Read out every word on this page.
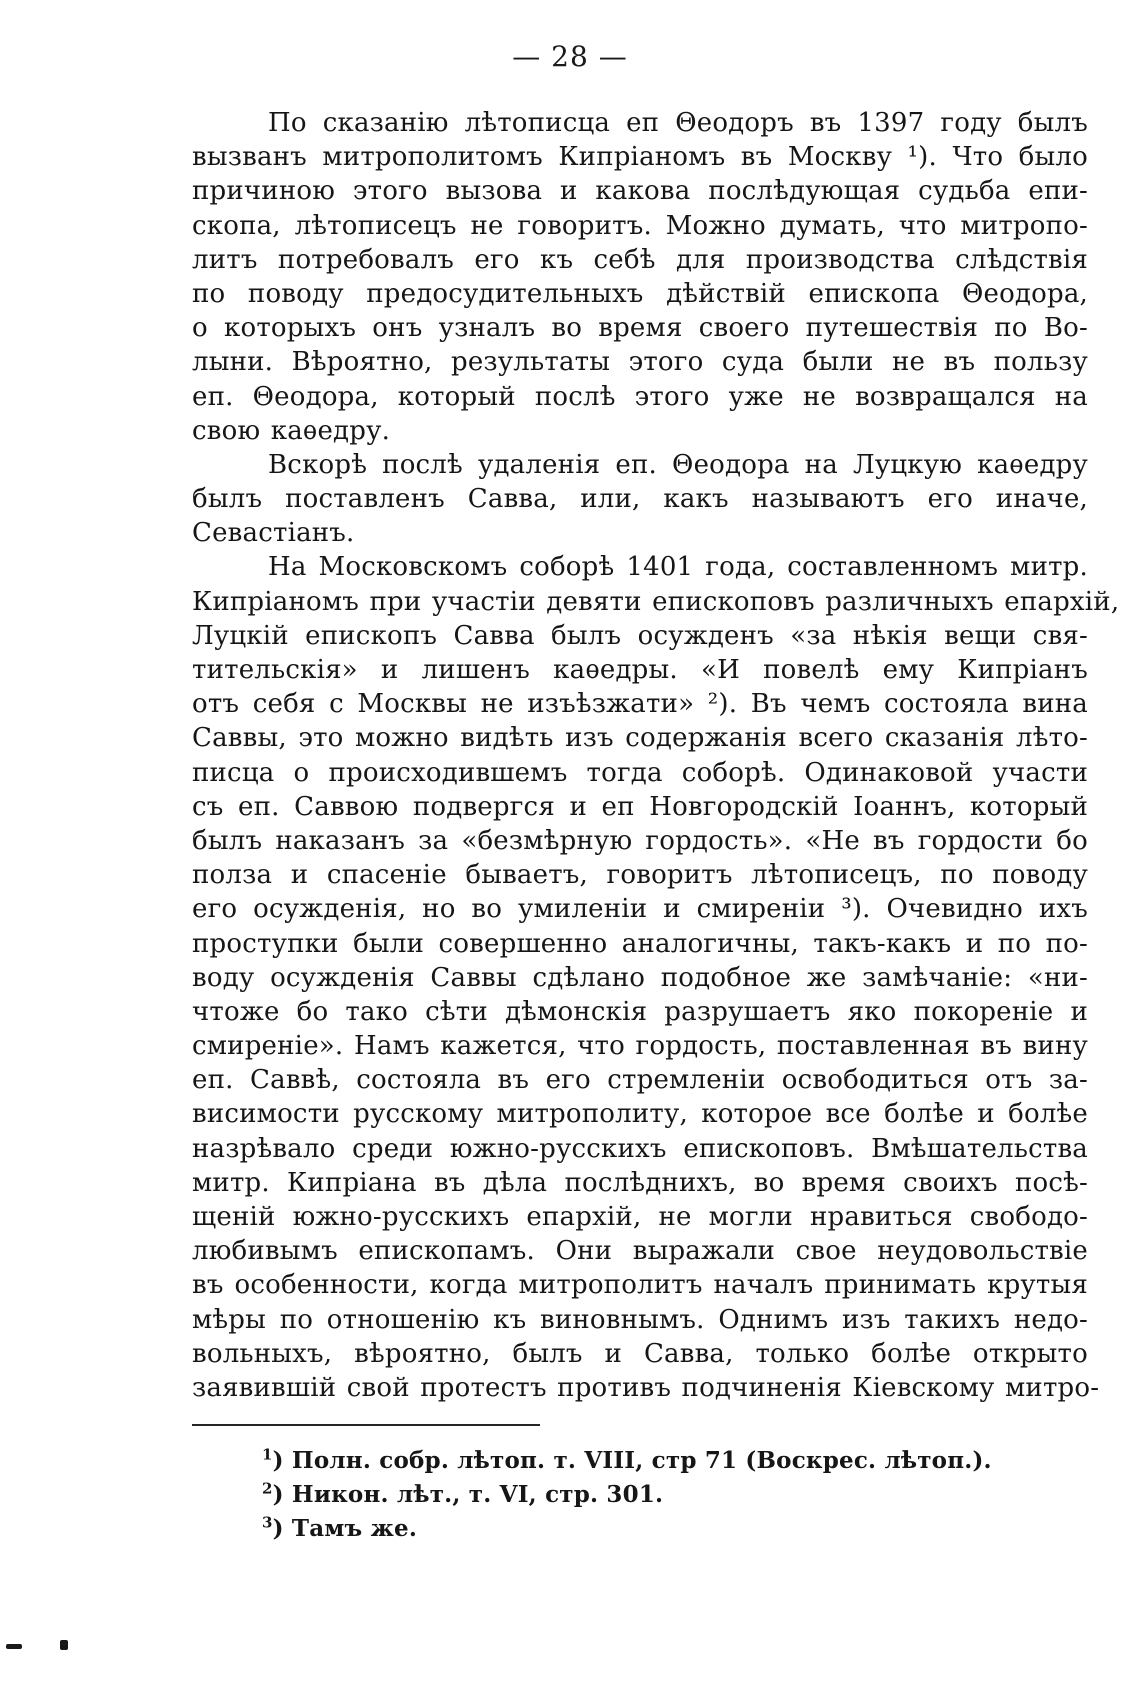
— 28 —
По сказанію лѣтописца еп Θеодоръ въ 1397 году былъ
вызванъ митрополитомъ Кипріаномъ въ Москву ¹). Что было
причиною этого вызова и какова послѣдующая судьба епи-
скопа, лѣтописецъ не говоритъ. Можно думать, что митропо-
литъ потребовалъ его къ себѣ для производства слѣдствія
по поводу предосудительныхъ дѣйствій епископа Θеодора,
о которыхъ онъ узналъ во время своего путешествія по Во-
лыни. Вѣроятно, результаты этого суда были не въ пользу
еп. Θеодора, который послѣ этого уже не возвращался на
свою каѳедру.
Вскорѣ послѣ удаленія еп. Θеодора на Луцкую каѳедру
былъ поставленъ Савва, или, какъ называютъ его иначе,
Севастіанъ.
На Московскомъ соборѣ 1401 года, составленномъ митр.
Кипріаномъ при участіи девяти епископовъ различныхъ епархій,
Луцкій епископъ Савва былъ осужденъ «за нѣкія вещи свя-
тительскія» и лишенъ каѳедры. «И повелѣ ему Кипріанъ
отъ себя с Москвы не изъѣзжати» ²). Въ чемъ состояла вина
Саввы, это можно видѣть изъ содержанія всего сказанія лѣто-
писца о происходившемъ тогда соборѣ. Одинаковой участи
съ еп. Саввою подвергся и еп Новгородскій Іоаннъ, который
былъ наказанъ за «безмѣрную гордость». «Не въ гордости бо
полза и спасеніе бываетъ, говоритъ лѣтописецъ, по поводу
его осужденія, но во умиленіи и смиреніи ³). Очевидно ихъ
проступки были совершенно аналогичны, такъ-какъ и по по-
воду осужденія Саввы сдѣлано подобное же замѣчаніе: «ни-
чтоже бо тако сѣти дѣмонскія разрушаетъ яко покореніе и
смиреніе». Намъ кажется, что гордость, поставленная въ вину
еп. Саввѣ, состояла въ его стремленіи освободиться отъ за-
висимости русскому митрополиту, которое все болѣе и болѣе
назрѣвало среди южно-русскихъ епископовъ. Вмѣшательства
митр. Кипріана въ дѣла послѣднихъ, во время своихъ посѣ-
щеній южно-русскихъ епархій, не могли нравиться свободо-
любивымъ епископамъ. Они выражали свое неудовольствіе
въ особенности, когда митрополитъ началъ принимать крутыя
мѣры по отношенію къ виновнымъ. Однимъ изъ такихъ недо-
вольныхъ, вѣроятно, былъ и Савва, только болѣе открыто
заявившій свой протестъ противъ подчиненія Кіевскому митро-
$^1$) Полн. собр. лѣтоп. т. VIII, стр 71 (Воскрес. лѣтоп.).
$^2$) Никон. лѣт., т. VI, стр. 301.
$^3$) Тамъ же.
